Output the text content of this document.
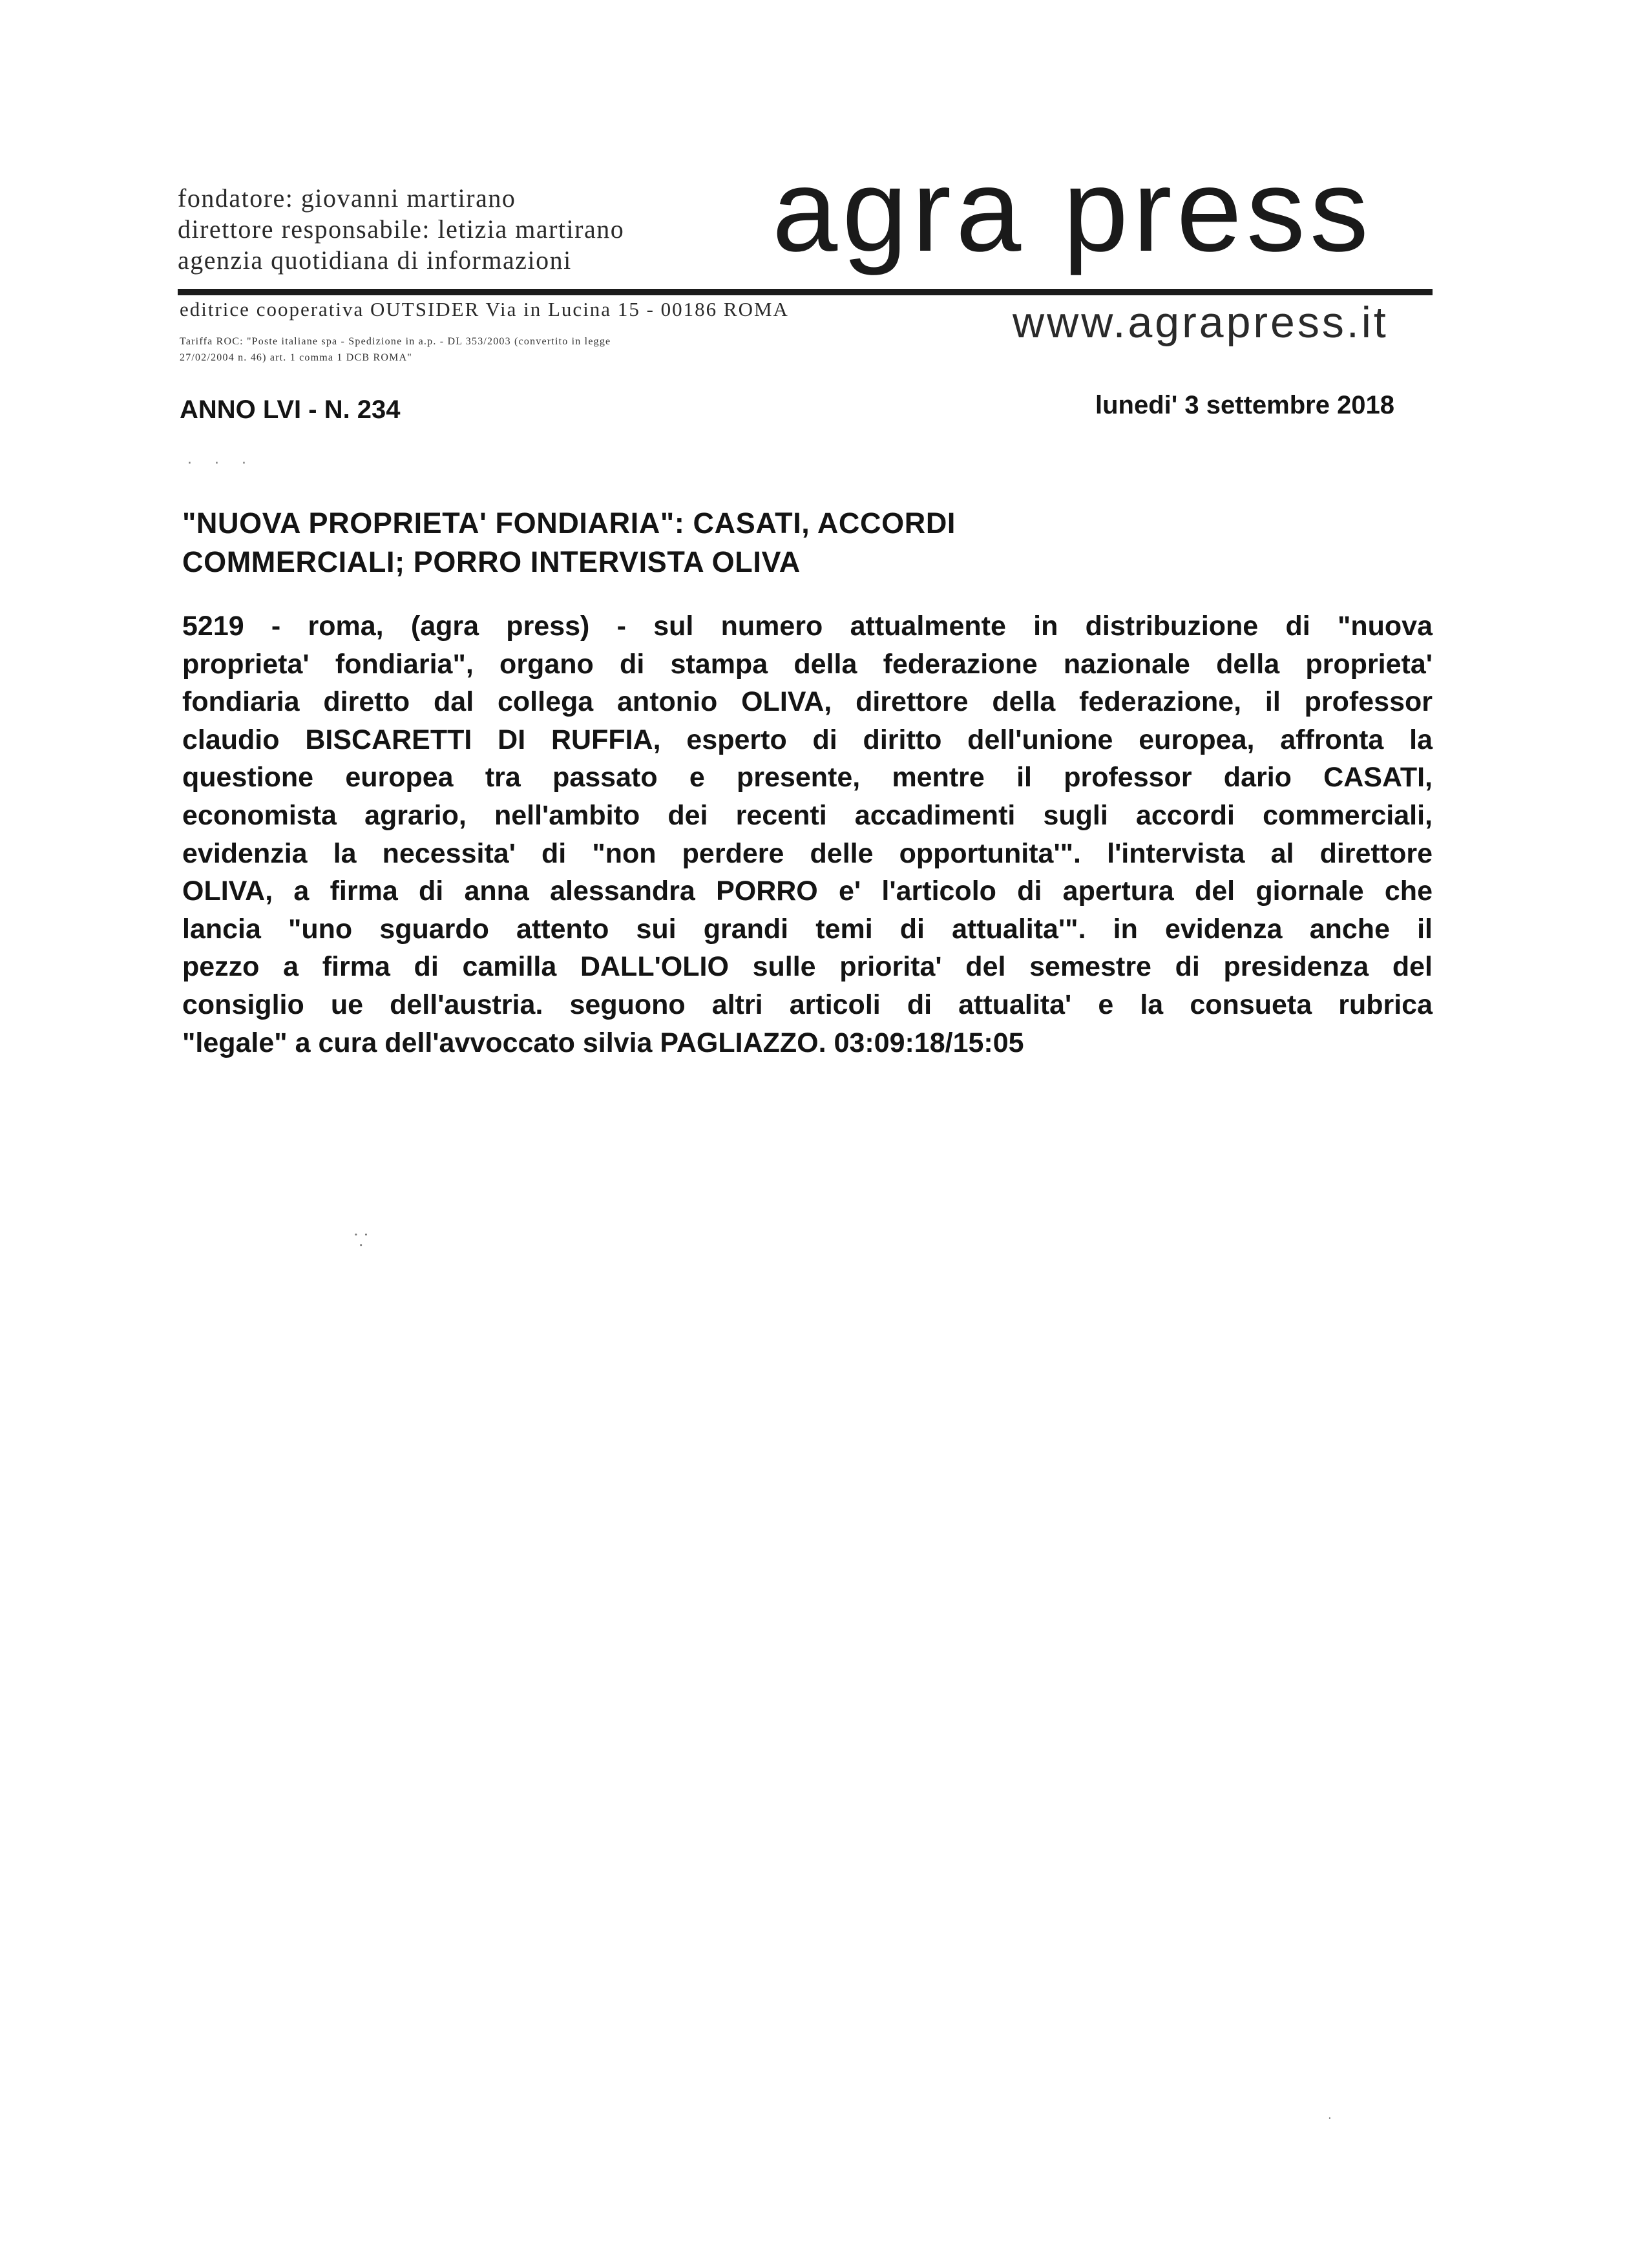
fondatore: giovanni martirano
direttore responsabile: letizia martirano
agenzia quotidiana di informazioni	agra press
editrice cooperativa OUTSIDER Via in Lucina 15 - 00186 ROMA	www.agrapress.it
Tariffa ROC: "Poste italiane spa - Spedizione in a.p. - DL 353/2003 (convertito in legge
27/02/2004 n. 46) art. 1 comma 1 DCB ROMA"
ANNO LVI - N. 234	lunedi' 3 settembre 2018
"NUOVA PROPRIETA' FONDIARIA": CASATI, ACCORDI
COMMERCIALI; PORRO INTERVISTA OLIVA
5219 - roma, (agra press) - sul numero attualmente in distribuzione di "nuova
proprieta' fondiaria", organo di stampa della federazione nazionale della proprieta'
fondiaria diretto dal collega antonio OLIVA, direttore della federazione, il professor
claudio BISCARETTI DI RUFFIA, esperto di diritto dell'unione europea, affronta la
questione europea tra passato e presente, mentre il professor dario CASATI,
economista agrario, nell'ambito dei recenti accadimenti sugli accordi commerciali,
evidenzia la necessita' di "non perdere delle opportunita'". l'intervista al direttore
OLIVA, a firma di anna alessandra PORRO e' l'articolo di apertura del giornale che
lancia "uno sguardo attento sui grandi temi di attualita'". in evidenza anche il
pezzo a firma di camilla DALL'OLIO sulle priorita' del semestre di presidenza del
consiglio ue dell'austria. seguono altri articoli di attualita' e la consueta rubrica
"legale" a cura dell'avvoccato silvia PAGLIAZZO. 03:09:18/15:05
· · ·
⸪
·
